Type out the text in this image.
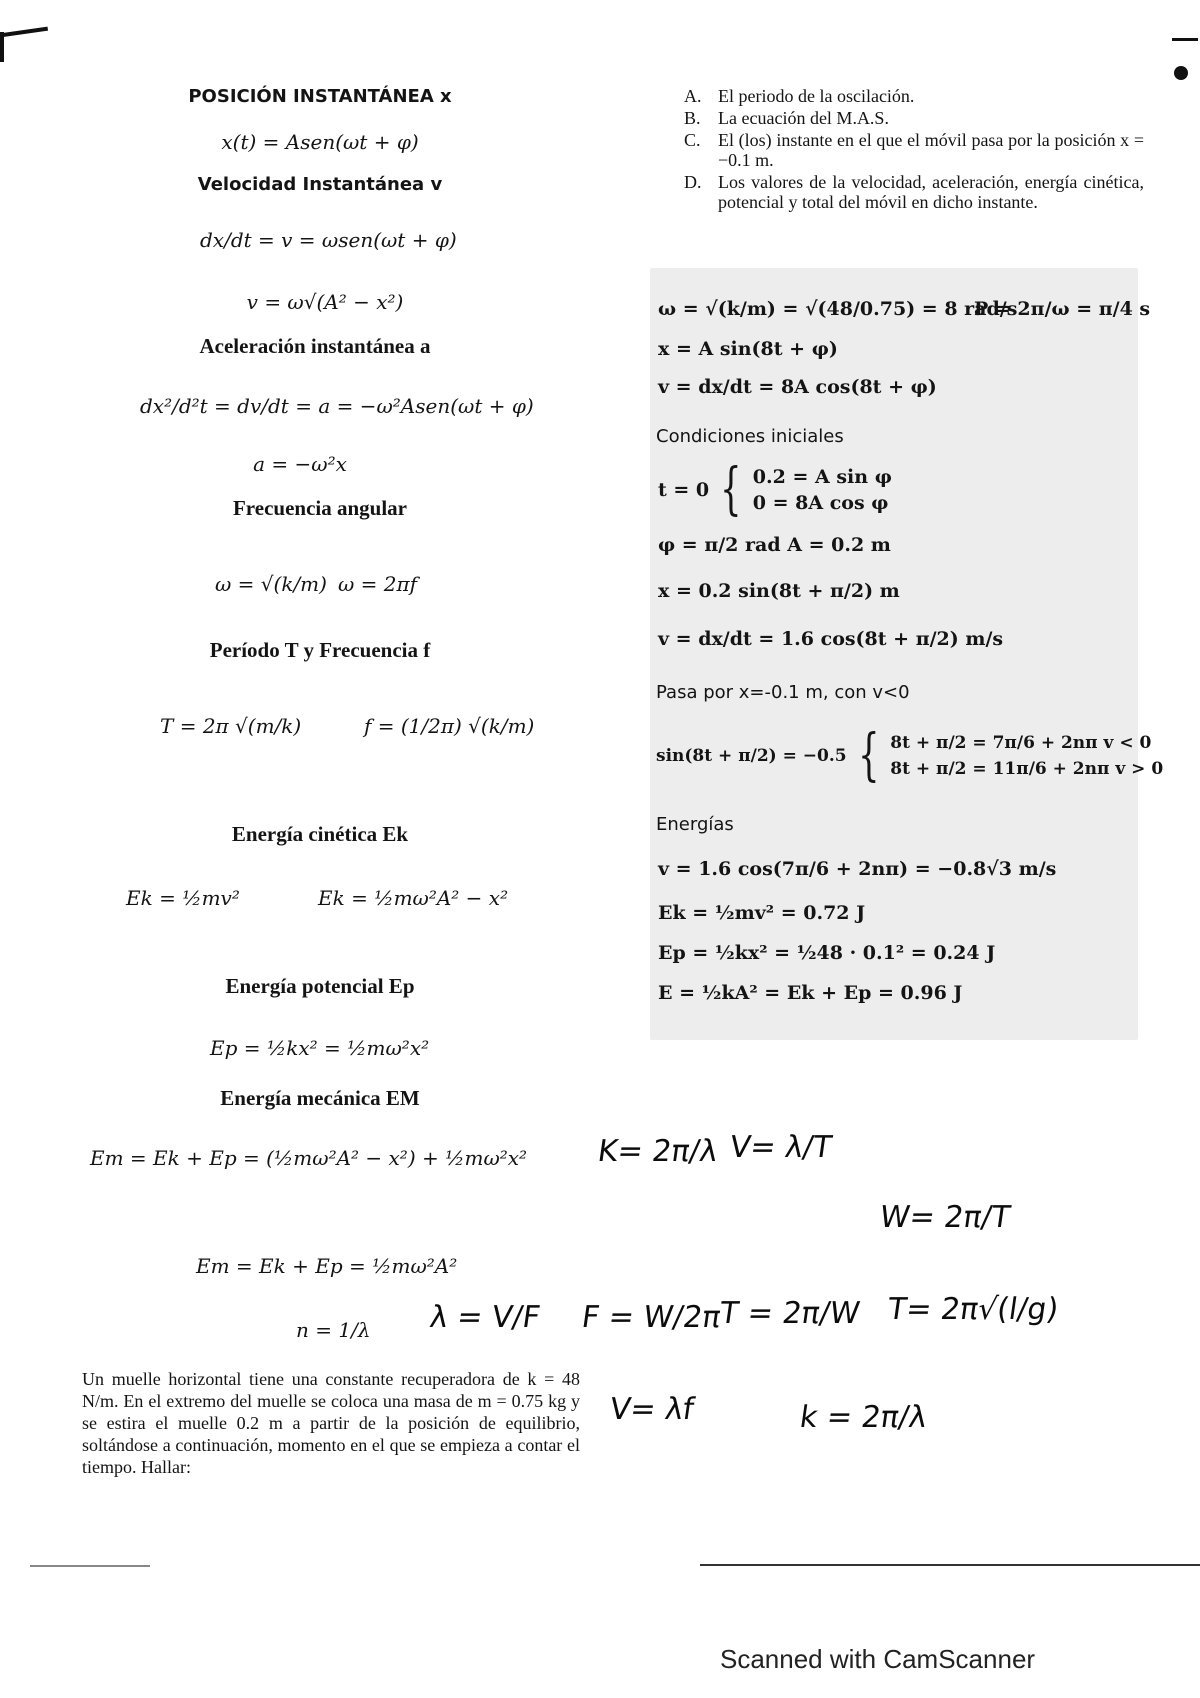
POSICIÓN INSTANTÁNEA x
x(t) = Asen(ωt + φ)
Velocidad Instantánea v
dx/dt = v = ωsen(ωt + φ)
v = ω√(A² − x²)
Aceleración instantánea a
dx²/d²t = dv/dt = a = −ω²Asen(ωt + φ)
a = −ω²x
Frecuencia angular
ω = √(k/m) ω = 2πf
Período T y Frecuencia f
T = 2π √(m/k)	f = (1/2π) √(k/m)
Energía cinética Ek
Ek = ½mv²	Ek = ½mω²A² − x²
Energía potencial Ep
Ep = ½kx² = ½mω²x²
Energía mecánica EM
Em = Ek + Ep = (½mω²A² − x²) + ½mω²x²
Em = Ek + Ep = ½mω²A²
n = 1/λ
Un muelle horizontal tiene una constante recuperadora de k = 48 N/m. En el extremo del muelle se coloca una masa de m = 0.75 kg y se estira el muelle 0.2 m a partir de la posición de equilibrio, soltándose a continuación, momento en el que se empieza a contar el tiempo. Hallar:
A. El periodo de la oscilación.
B. La ecuación del M.A.S.
C. El (los) instante en el que el móvil pasa por la posición x = −0.1 m.
D. Los valores de la velocidad, aceleración, energía cinética, potencial y total del móvil en dicho instante.
ω = √(k/m) = √(48/0.75) = 8 rad/s
P = 2π/ω = π/4 s
x = A sin(8t + φ)
v = dx/dt = 8A cos(8t + φ)
Condiciones iniciales
t = 0 { 0.2 = A sin φ
0 = 8A cos φ
φ = π/2 rad A = 0.2 m
x = 0.2 sin(8t + π/2) m
v = dx/dt = 1.6 cos(8t + π/2) m/s
Pasa por x=-0.1 m, con v<0
sin(8t + π/2) = −0.5 { 8t + π/2 = 7π/6 + 2nπ v < 0
8t + π/2 = 11π/6 + 2nπ v > 0
Energías
v = 1.6 cos(7π/6 + 2nπ) = −0.8√3 m/s
Ek = ½mv² = 0.72 J
Ep = ½kx² = ½48 · 0.1² = 0.24 J
E = ½kA² = Ek + Ep = 0.96 J
K= 2π/λ V= λ/T
W= 2π/T
λ = V/F F = W/2π
T = 2π/W T= 2π√(l/g)
V= λf	k = 2π/λ
Scanned with CamScanner
